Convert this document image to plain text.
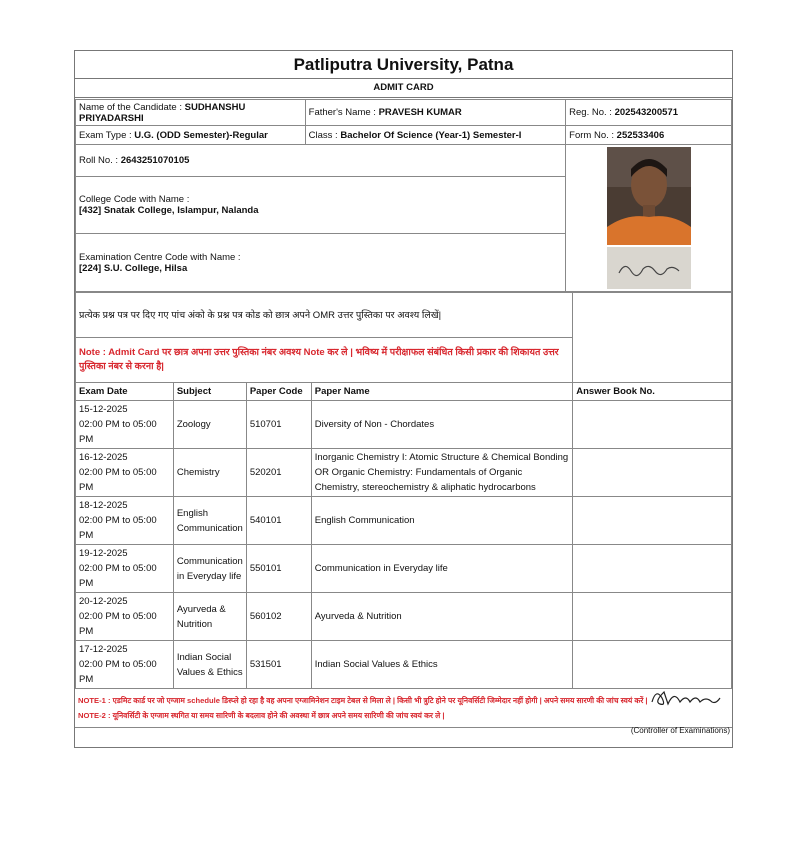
Patliputra University, Patna
ADMIT CARD
Name of the Candidate : SUDHANSHU PRIYADARSHI	Father's Name : PRAVESH KUMAR	Reg. No. : 202543200571
Exam Type : U.G. (ODD Semester)-Regular	Class : Bachelor Of Science (Year-1) Semester-I	Form No. : 252533406
Roll No. : 2643251070105	

College Code with Name :
[432] Snatak College, Islampur, Nalanda		

Examination Centre Code with Name :
[224] S.U. College, Hilsa		
प्रत्येक प्रश्न पत्र पर दिए गए पांच अंको के प्रश्न पत्र कोड को छात्र अपने OMR उत्तर पुस्तिका पर अवश्य लिखें|				
Note : Admit Card पर छात्र अपना उत्तर पुस्तिका नंबर अवश्य Note कर ले | भविष्य में परीक्षाफल संबंधित किसी प्रकार की शिकायत उत्तर पुस्तिका नंबर से करना है|				
Exam Date	Subject	Paper Code	Paper Name	Answer Book No.

15-12-2025
02:00 PM to 05:00 PM	Zoology	510701	Diversity of Non - Chordates	

16-12-2025
02:00 PM to 05:00 PM	Chemistry	520201	Inorganic Chemistry I: Atomic Structure & Chemical Bonding OR Organic Chemistry: Fundamentals of Organic Chemistry, stereochemistry & aliphatic hydrocarbons	

18-12-2025
02:00 PM to 05:00 PM	English Communication	540101	English Communication	

19-12-2025
02:00 PM to 05:00 PM	Communication in Everyday life	550101	Communication in Everyday life	

20-12-2025
02:00 PM to 05:00 PM	Ayurveda & Nutrition	560102	Ayurveda & Nutrition	

17-12-2025
02:00 PM to 05:00 PM	Indian Social Values & Ethics	531501	Indian Social Values & Ethics	
NOTE-1 : एडमिट कार्ड पर जो एग्जाम schedule डिस्प्ले हो रहा है वह अपना एग्जामिनेशन टाइम टेबल से मिला ले | किसी भी त्रुटि होने पर यूनिवर्सिटी जिम्मेदार नहीं होगी | अपने समय सारणी की जांच स्वयं करें |
NOTE-2 : यूनिवर्सिटी के एग्जाम स्थगित या समय सारिणी के बदलाव होने की अवस्था में छात्र अपने समय सारिणी की जांच स्वयं कर ले |
(Controller of Examinations)
